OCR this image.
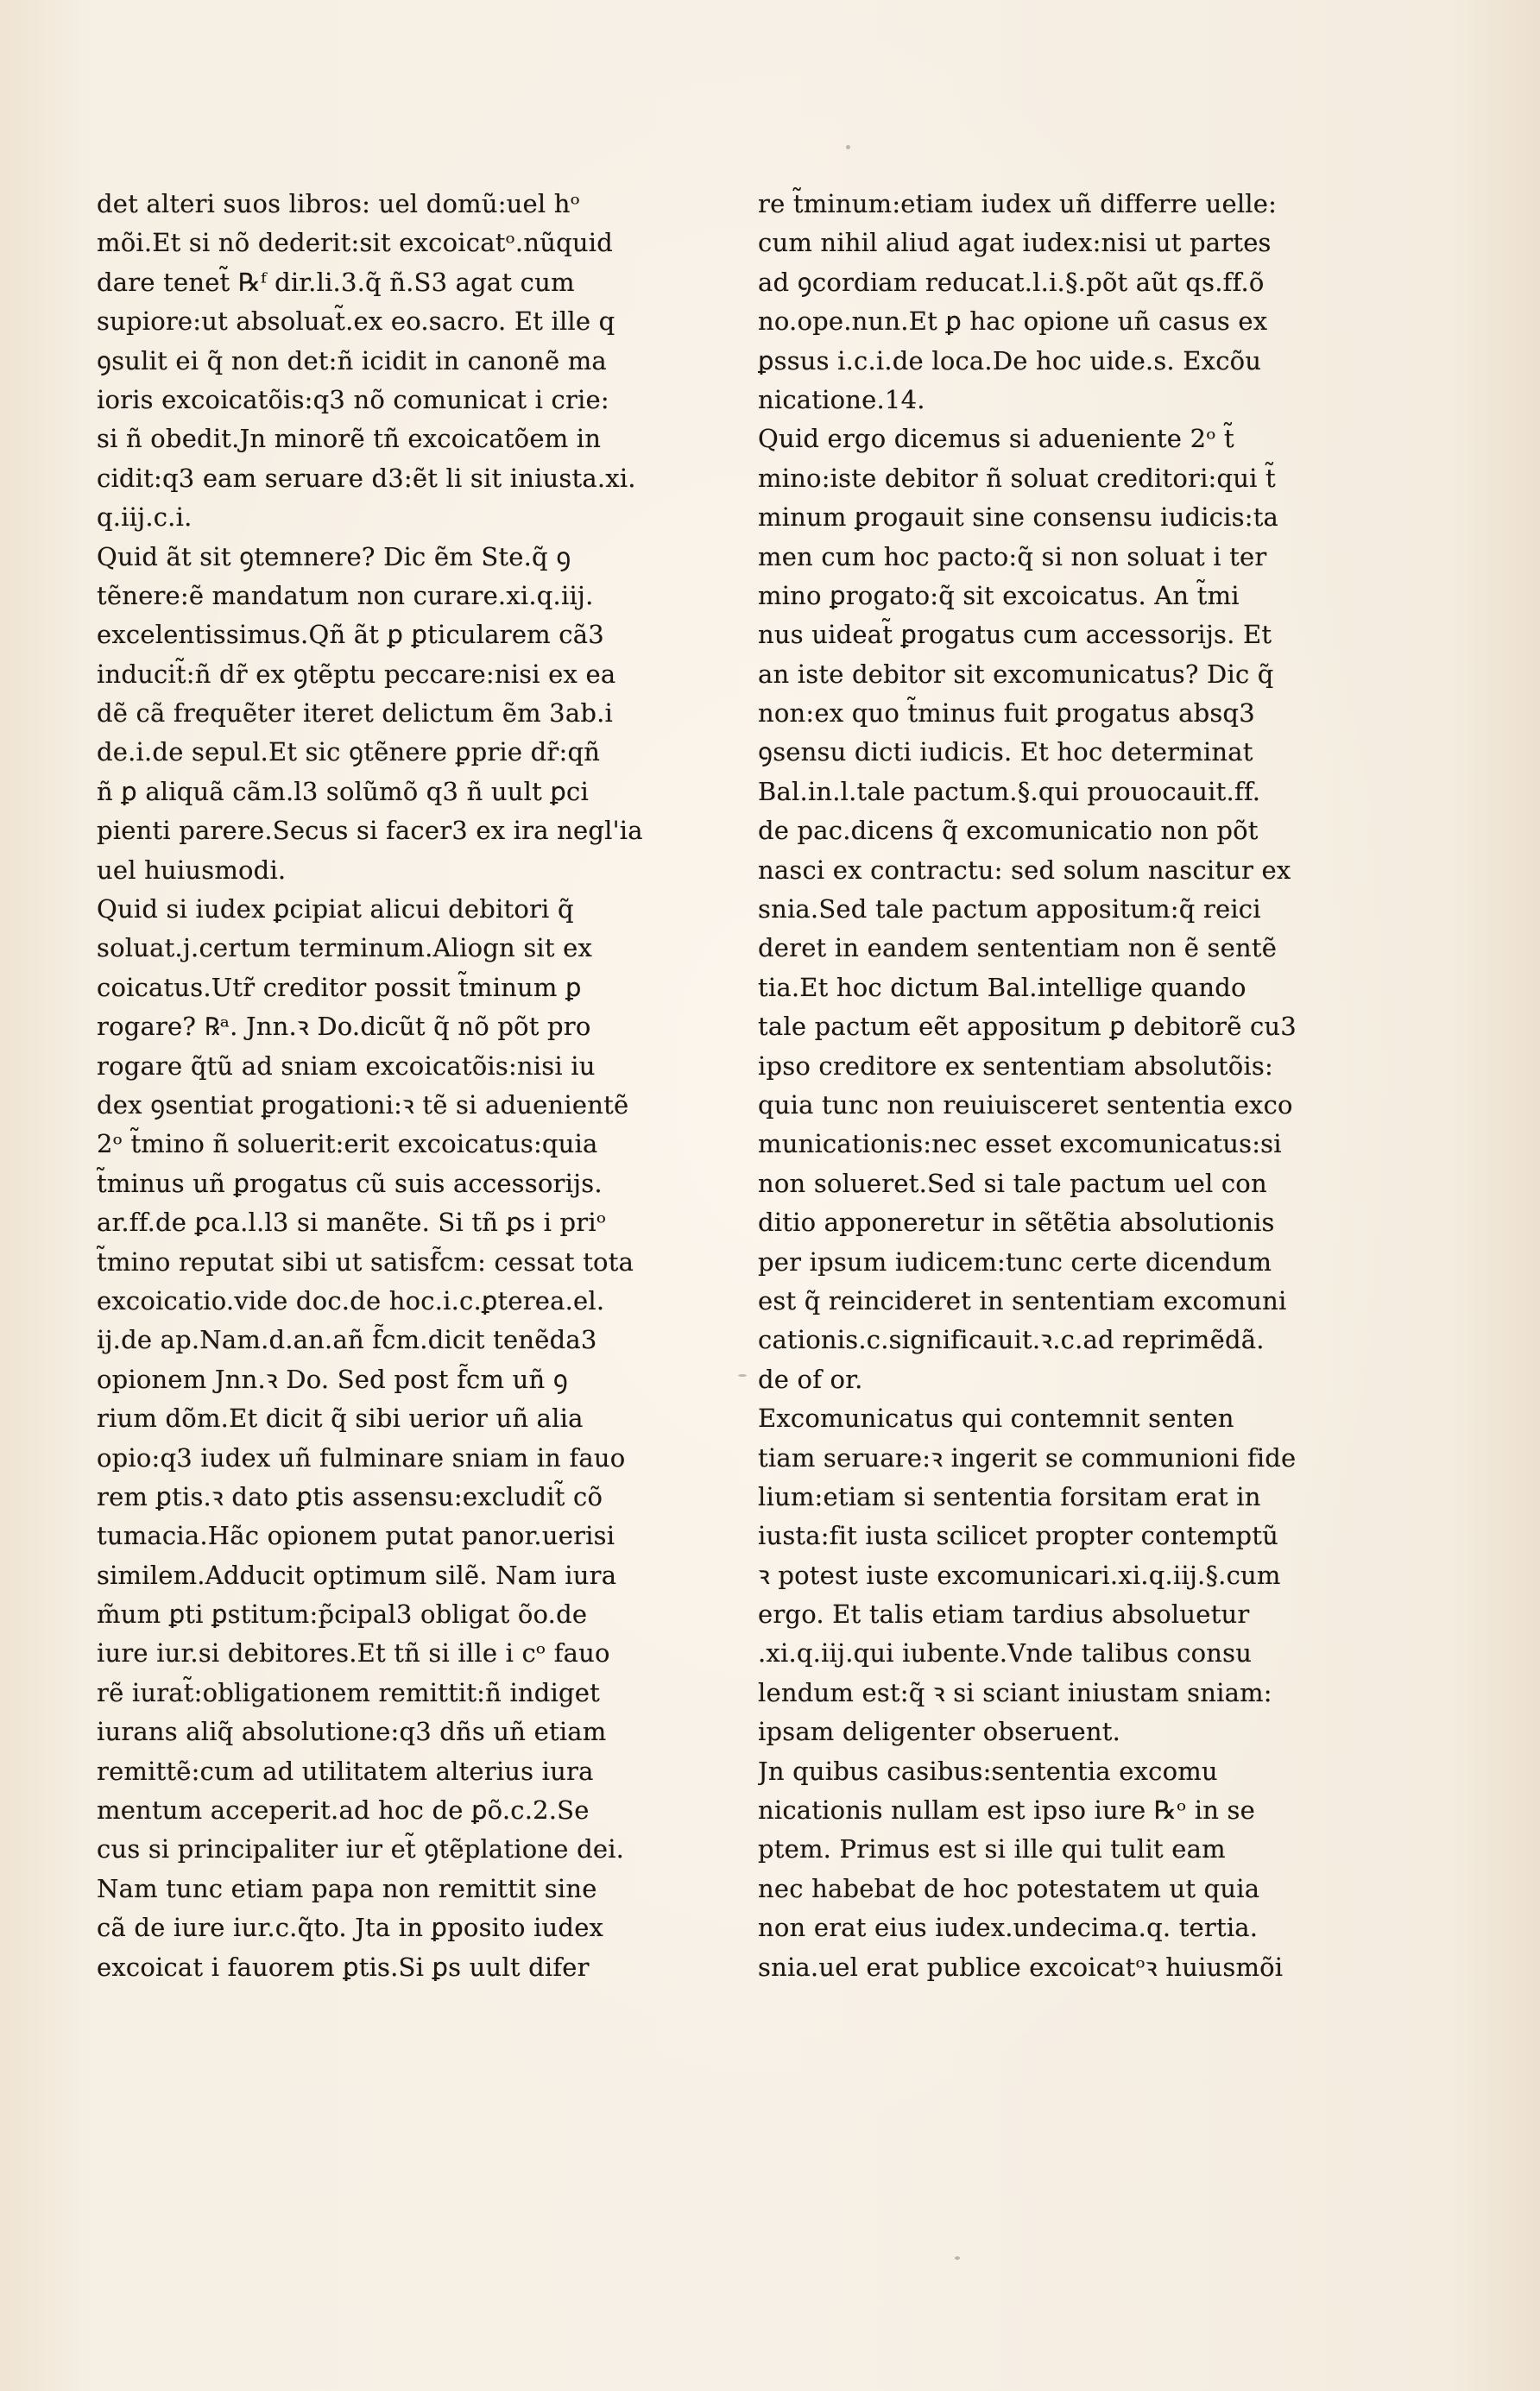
det alteri suos libros: uel domũ:uel hᵒ
mõi.Et si nõ dederit:sit excoicatᵒ.nũquid
dare tenet̃ ℞ᶠ dir.li.3.q̃ ñ.S3 agat cum
supiore:ut absoluat̃.ex eo.sacro. Et ille q
ꝯsulit ei q̃ non det:ñ icidit in canonẽ ma
ioris excoicatõis:q3 nõ comunicat i crie:
si ñ obedit.Jn minorẽ tñ excoicatõem in
cidit:q3 eam seruare d3:ẽt li sit iniusta.xi.
q.iij.c.i.
Quid ãt sit ꝯtemnere? Dic ẽm Ste.q̃ ꝯ
tẽnere:ẽ mandatum non curare.xi.q.iij.
excelentissimus.Qñ ãt ꝑ ꝑticularem cã3
inducit̃:ñ dr̃ ex ꝯtẽptu peccare:nisi ex ea
dẽ cã frequẽter iteret delictum ẽm 3ab.i
de.i.de sepul.Et sic ꝯtẽnere ꝑprie dr̃:qñ
ñ ꝑ aliquã cãm.l3 solũmõ q3 ñ uult ꝑci
pienti parere.Secus si facer3 ex ira negl'ia
uel huiusmodi.
Quid si iudex ꝑcipiat alicui debitori q̃
soluat.j.certum terminum.Aliogn sit ex
coicatus.Utr̃ creditor possit t̃minum ꝑ
rogare? ℞ᵃ. Jnn.ꝛ Do.dicũt q̃ nõ põt pro
rogare q̃tũ ad sniam excoicatõis:nisi iu
dex ꝯsentiat ꝑrogationi:ꝛ tẽ si aduenientẽ
2ᵒ t̃mino ñ soluerit:erit excoicatus:quia
t̃minus uñ ꝑrogatus cũ suis accessorijs.
ar.ff.de ꝑca.l.l3 si manẽte. Si tñ ꝑs i priᵒ
t̃mino reputat sibi ut satisf̃cm: cessat tota
excoicatio.vide doc.de hoc.i.c.ꝑterea.el.
ij.de ap.Nam.d.an.añ f̃cm.dicit tenẽda3
opionem Jnn.ꝛ Do. Sed post f̃cm uñ ꝯ
rium dõm.Et dicit q̃ sibi uerior uñ alia
opio:q3 iudex uñ fulminare sniam in fauo
rem ꝑtis.ꝛ dato ꝑtis assensu:excludit̃ cõ
tumacia.Hãc opionem putat panor.uerisi
similem.Adducit optimum silẽ. Nam iura
m̃um ꝑti ꝑstitum:p̃cipal3 obligat õo.de
iure iur.si debitores.Et tñ si ille i cᵒ fauo
rẽ iurat̃:obligationem remittit:ñ indiget
iurans aliq̃ absolutione:q3 dñs uñ etiam
remittẽ:cum ad utilitatem alterius iura
mentum acceperit.ad hoc de ꝑõ.c.2.Se
cus si principaliter iur et̃ ꝯtẽplatione dei.
Nam tunc etiam papa non remittit sine
cã de iure iur.c.q̃to. Jta in ꝑposito iudex
excoicat i fauorem ꝑtis.Si ꝑs uult difer
re t̃minum:etiam iudex uñ differre uelle:
cum nihil aliud agat iudex:nisi ut partes
ad ꝯcordiam reducat.l.i.§.põt aũt qs.ff.õ
no.ope.nun.Et ꝑ hac opione uñ casus ex
ꝑssus i.c.i.de loca.De hoc uide.s. Excõu
nicatione.14.
Quid ergo dicemus si adueniente 2ᵒ t̃
mino:iste debitor ñ soluat creditori:qui t̃
minum ꝑrogauit sine consensu iudicis:ta
men cum hoc pacto:q̃ si non soluat i ter
mino ꝑrogato:q̃ sit excoicatus. An t̃mi
nus uideat̃ ꝑrogatus cum accessorijs. Et
an iste debitor sit excomunicatus? Dic q̃
non:ex quo t̃minus fuit ꝑrogatus absq3
ꝯsensu dicti iudicis. Et hoc determinat
Bal.in.l.tale pactum.§.qui prouocauit.ff.
de pac.dicens q̃ excomunicatio non põt
nasci ex contractu: sed solum nascitur ex
snia.Sed tale pactum appositum:q̃ reici
deret in eandem sententiam non ẽ sentẽ
tia.Et hoc dictum Bal.intellige quando
tale pactum eẽt appositum ꝑ debitorẽ cu3
ipso creditore ex sententiam absolutõis:
quia tunc non reuiuisceret sententia exco
municationis:nec esset excomunicatus:si
non solueret.Sed si tale pactum uel con
ditio apponeretur in sẽtẽtia absolutionis
per ipsum iudicem:tunc certe dicendum
est q̃ reincideret in sententiam excomuni
cationis.c.significauit.ꝛ.c.ad reprimẽdã.
de of or.
Excomunicatus qui contemnit senten
tiam seruare:ꝛ ingerit se communioni fide
lium:etiam si sententia forsitam erat in
iusta:fit iusta scilicet propter contemptũ
ꝛ potest iuste excomunicari.xi.q.iij.§.cum
ergo. Et talis etiam tardius absoluetur
.xi.q.iij.qui iubente.Vnde talibus consu
lendum est:q̃ ꝛ si sciant iniustam sniam:
ipsam deligenter obseruent.
Jn quibus casibus:sententia excomu
nicationis nullam est ipso iure ℞ᵒ in se
ptem. Primus est si ille qui tulit eam
nec habebat de hoc potestatem ut quia
non erat eius iudex.undecima.q. tertia.
snia.uel erat publice excoicatᵒꝛ huiusmõi
